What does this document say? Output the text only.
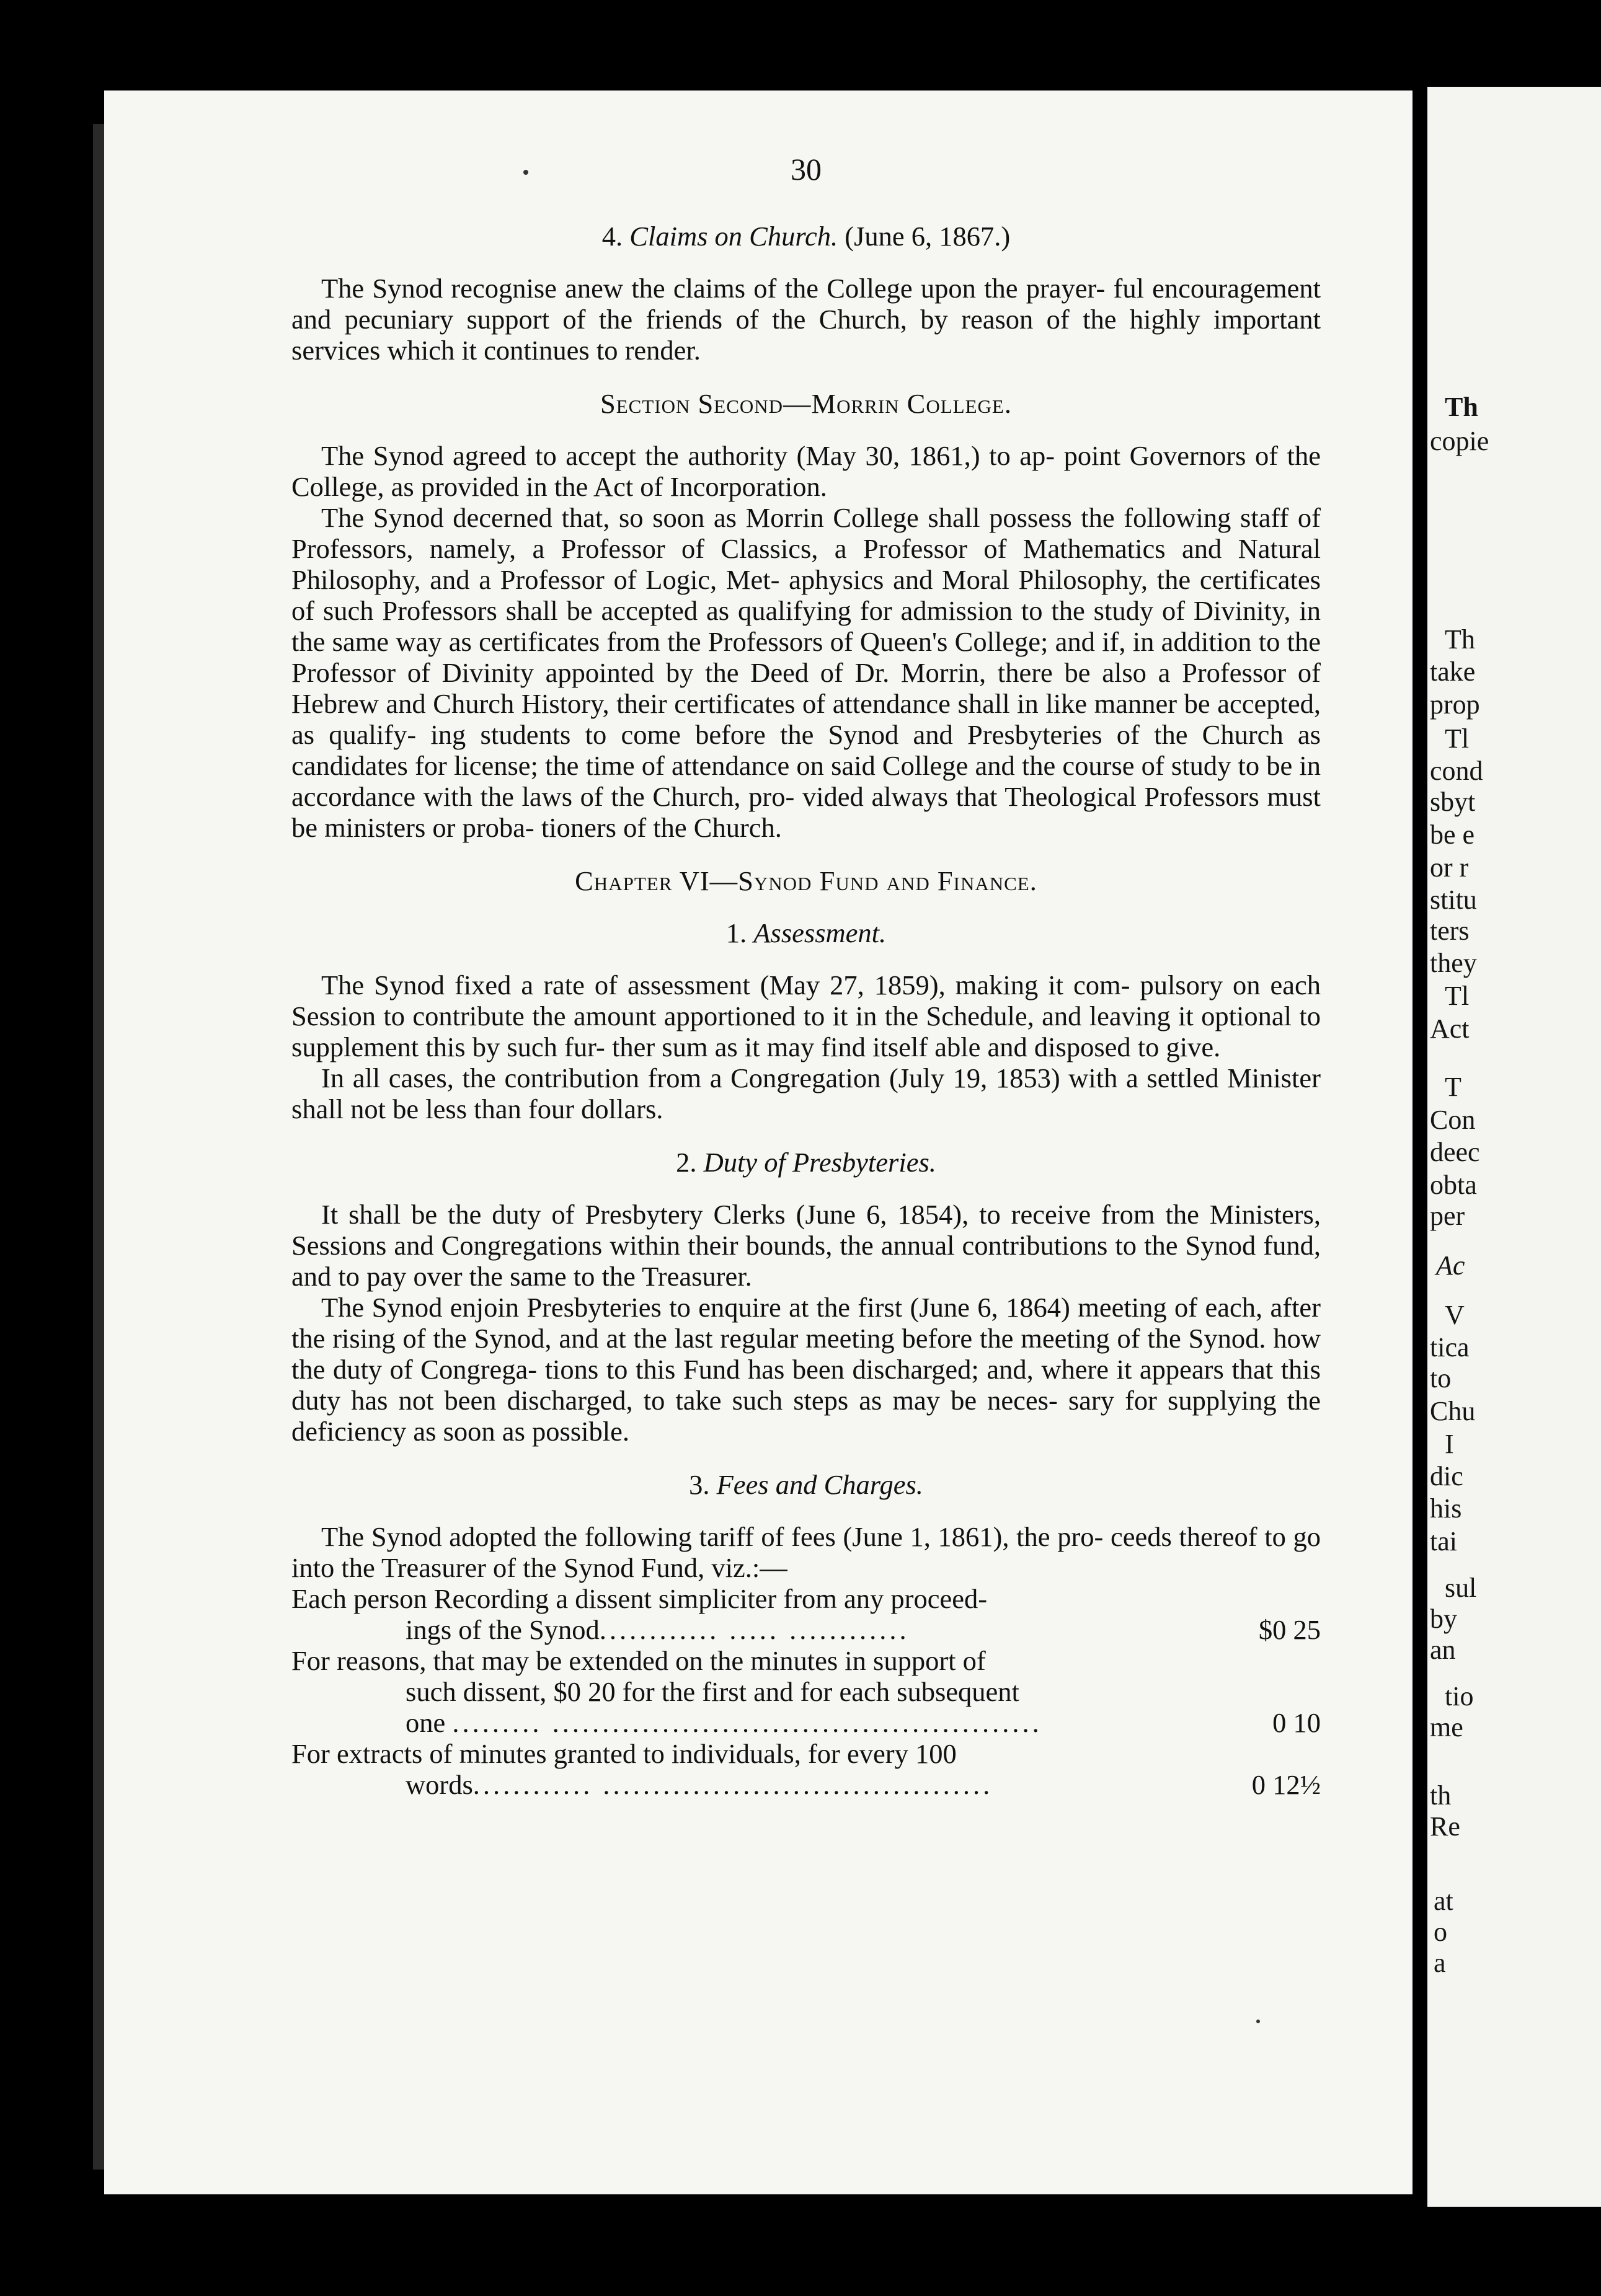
Th
copie
Th
take
prop
Tl
cond
sbyt
be e
or r
stitu
ters
they
Tl
Act
T
Con
deec
obta
per
Ac
V
tica
to
Chu
I
dic
his
tai
sul
by
an
tio
me
th
Re
at
o
a
30
4. Claims on Church. (June 6, 1867.)

The Synod recognise anew the claims of the College upon the prayer- ful encouragement and pecuniary support of the friends of the Church, by reason of the highly important services which it continues to render.

Section Second—Morrin College.

The Synod agreed to accept the authority (May 30, 1861,) to ap- point Governors of the College, as provided in the Act of Incorporation.

The Synod decerned that, so soon as Morrin College shall possess the following staff of Professors, namely, a Professor of Classics, a Professor of Mathematics and Natural Philosophy, and a Professor of Logic, Met- aphysics and Moral Philosophy, the certificates of such Professors shall be accepted as qualifying for admission to the study of Divinity, in the same way as certificates from the Professors of Queen's College; and if, in addition to the Professor of Divinity appointed by the Deed of Dr. Morrin, there be also a Professor of Hebrew and Church History, their certificates of attendance shall in like manner be accepted, as qualify- ing students to come before the Synod and Presbyteries of the Church as candidates for license; the time of attendance on said College and the course of study to be in accordance with the laws of the Church, pro- vided always that Theological Professors must be ministers or proba- tioners of the Church.

Chapter VI—Synod Fund and Finance.
1. Assessment.

The Synod fixed a rate of assessment (May 27, 1859), making it com- pulsory on each Session to contribute the amount apportioned to it in the Schedule, and leaving it optional to supplement this by such fur- ther sum as it may find itself able and disposed to give.

In all cases, the contribution from a Congregation (July 19, 1853) with a settled Minister shall not be less than four dollars.

2. Duty of Presbyteries.

It shall be the duty of Presbytery Clerks (June 6, 1854), to receive from the Ministers, Sessions and Congregations within their bounds, the annual contributions to the Synod fund, and to pay over the same to the Treasurer.

The Synod enjoin Presbyteries to enquire at the first (June 6, 1864) meeting of each, after the rising of the Synod, and at the last regular meeting before the meeting of the Synod. how the duty of Congrega- tions to this Fund has been discharged; and, where it appears that this duty has not been discharged, to take such steps as may be neces- sary for supplying the deficiency as soon as possible.

3. Fees and Charges.

The Synod adopted the following tariff of fees (June 1, 1861), the pro- ceeds thereof to go into the Treasurer of the Synod Fund, viz.:—

Each person Recording a dissent simpliciter from any proceed-
ings of the Synod............ ..... ............	$0 25
For reasons, that may be extended on the minutes in support of
such dissent, $0 20 for the first and for each subsequent
one ......... .................................................	0 10
For extracts of minutes granted to individuals, for every 100
words............ .......................................	0 12½
